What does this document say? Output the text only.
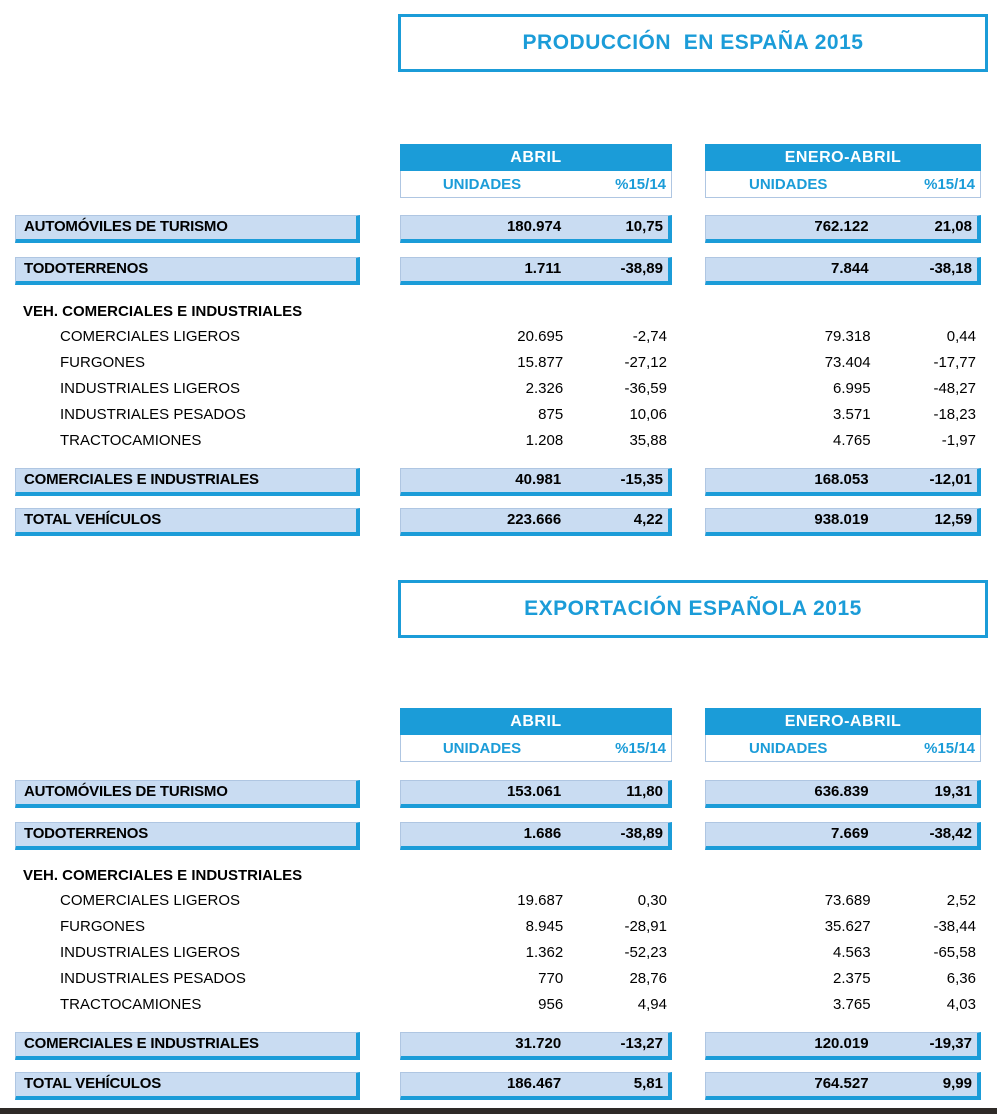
PRODUCCIÓN  EN ESPAÑA 2015
ABRIL
UNIDADES	%15/14
ENERO-ABRIL
UNIDADES	%15/14
AUTOMÓVILES DE TURISMO	180.974	10,75	762.122	21,08
TODOTERRENOS	1.711	-38,89	7.844	-38,18
VEH. COMERCIALES E INDUSTRIALES
COMERCIALES LIGEROS	20.695	-2,74	79.318	0,44
FURGONES	15.877	-27,12	73.404	-17,77
INDUSTRIALES LIGEROS	2.326	-36,59	6.995	-48,27
INDUSTRIALES PESADOS	875	10,06	3.571	-18,23
TRACTOCAMIONES	1.208	35,88	4.765	-1,97
COMERCIALES E INDUSTRIALES	40.981	-15,35	168.053	-12,01
TOTAL VEHÍCULOS	223.666	4,22	938.019	12,59
EXPORTACIÓN ESPAÑOLA 2015
ABRIL
UNIDADES	%15/14
ENERO-ABRIL
UNIDADES	%15/14
AUTOMÓVILES DE TURISMO	153.061	11,80	636.839	19,31
TODOTERRENOS	1.686	-38,89	7.669	-38,42
VEH. COMERCIALES E INDUSTRIALES
COMERCIALES LIGEROS	19.687	0,30	73.689	2,52
FURGONES	8.945	-28,91	35.627	-38,44
INDUSTRIALES LIGEROS	1.362	-52,23	4.563	-65,58
INDUSTRIALES PESADOS	770	28,76	2.375	6,36
TRACTOCAMIONES	956	4,94	3.765	4,03
COMERCIALES E INDUSTRIALES	31.720	-13,27	120.019	-19,37
TOTAL VEHÍCULOS	186.467	5,81	764.527	9,99
